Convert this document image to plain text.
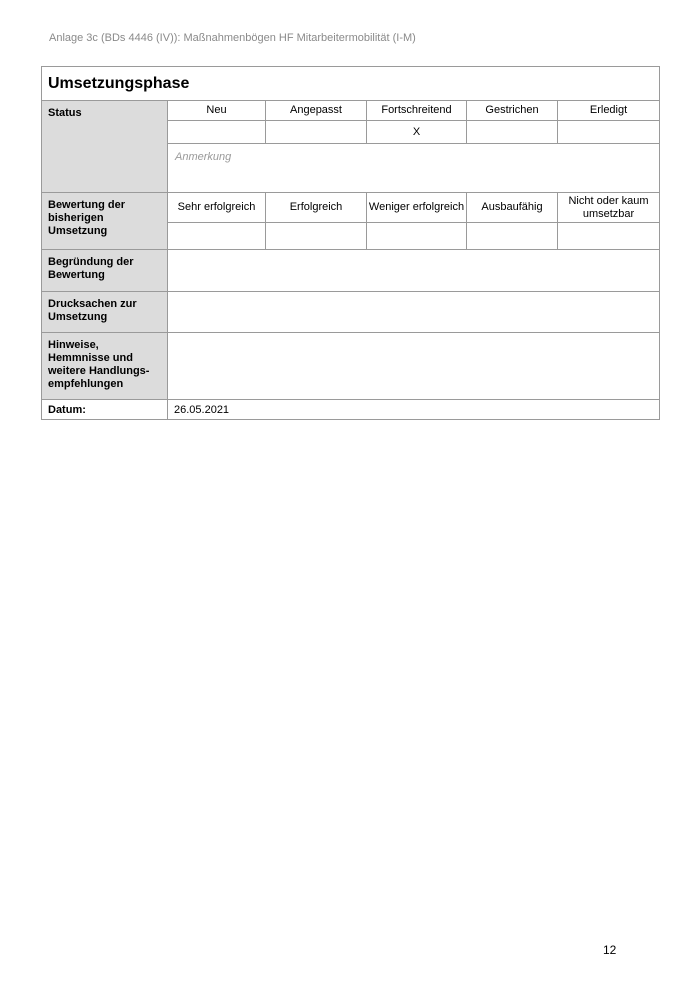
Anlage 3c (BDs 4446 (IV)): Maßnahmenbögen HF Mitarbeitermobilität (I-M)
Umsetzungsphase					
Status	Neu	Angepasst	Fortschreitend	Gestrichen	Erledigt
			X		
	Anmerkung				
Bewertung der bisherigen Umsetzung	Sehr erfolgreich	Erfolgreich	Weniger erfolgreich	Ausbaufähig	Nicht oder kaum umsetzbar

Begründung der Bewertung					
Drucksachen zur Umsetzung					
Hinweise, Hemmnisse und weitere Handlungs-empfehlungen					
Datum:	26.05.2021				
12
